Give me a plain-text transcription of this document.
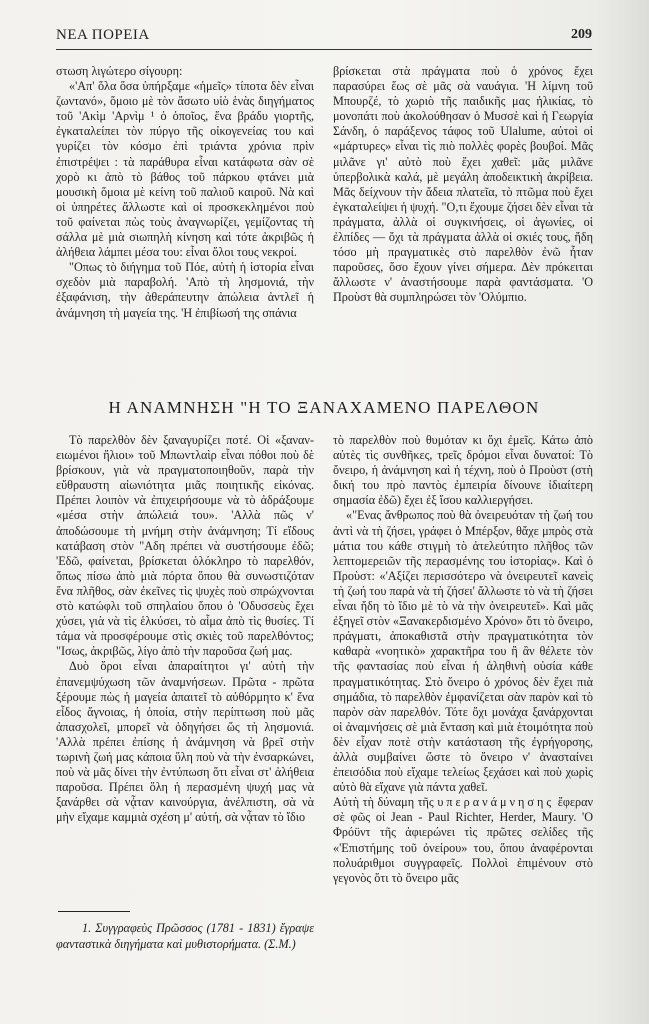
ΝΕΑ ΠΟΡΕΙΑ	209

στωση λιγώτερο σίγουρη:

«'Απ' ὅλα ὅσα ὑπήρξαμε «ἡμεῖς» τίποτα δὲν εἶναι ζωντανό», ὅμοιο μὲ τὸν ἄσωτο υἱὸ ἑνὰς διηγήματος τοῦ 'Ακὶμ 'Αρνὶμ ¹ ὁ ὁποῖος, ἕνα βράδυ γιορτῆς, ἐγκαταλείπει τὸν πύργο τῆς οἰκογενείας του καὶ γυρίζει τὸν κόσμο ἐπὶ τριάντα χρόνια πρὶν ἐπιστρέψει : τὰ παράθυρα εἶναι κατάφωτα σὰν σὲ χορὸ κι ἀπὸ τὸ βάθος τοῦ πάρκου φτάνει μιὰ μουσικὴ ὅμοια μὲ κείνη τοῦ παλιοῦ καιροῦ. Νὰ καὶ οἱ ὑπηρέτες ἄλλωστε καὶ οἱ προσκεκλημένοι ποὺ τοῦ φαίνεται πὼς τοὺς ἀναγνωρίζει, γεμίζοντας τὴ σάλλα μὲ μιὰ σιωπηλὴ κίνηση καὶ τότε ἀκριβῶς ἡ ἀλήθεια λάμπει μέσα του: εἶναι ὅλοι τους νεκροί.

"Οπως τὸ διήγημα τοῦ Πόε, αὐτὴ ἡ ἱστορία εἶναι σχεδὸν μιὰ παραβολή. 'Απὸ τὴ λησμονιά, τὴν ἐξαφάνιση, τὴν ἀθεράπευτην ἀπώλεια ἀντλεῖ ἡ ἀνάμνηση τὴ μαγεία της. 'Η ἐπιβίωσή της σπάνια

βρίσκεται στὰ πράγματα ποὺ ὁ χρόνος ἔχει παρασύρει ἕως σὲ μᾶς σὰ ναυάγια. 'Η λίμνη τοῦ Μπουρζέ, τὸ χωριὸ τῆς παιδικῆς μας ἡλικίας, τὸ μονοπάτι ποὺ ἀκολούθησαν ὁ Μυσσὲ καὶ ἡ Γεωργία Σάνδη, ὁ παράξενος τάφος τοῦ Ulalume, αὐτοὶ οἱ «μάρτυρες» εἶναι τὶς πιὸ πολλὲς φορὲς βουβοί. Μᾶς μιλᾶνε γι' αὐτὸ ποὺ ἔχει χαθεῖ: μᾶς μιλᾶνε ὑπερβολικὰ καλά, μὲ μεγάλη ἀποδεικτικὴ ἀκρίβεια. Μᾶς δείχνουν τὴν ἄδεια πλατεῖα, τὸ πτῶμα ποὺ ἔχει ἐγκαταλείψει ἡ ψυχή. "Ο,τι ἔχουμε ζήσει δὲν εἶναι τὰ πράγματα, ἀλλὰ οἱ συγκινήσεις, οἱ ἀγωνίες, οἱ ἐλπίδες — ὄχι τὰ πράγματα ἀλλὰ οἱ σκιές τους, ἤδη τόσο μὴ πραγματικὲς στὸ παρελθὸν ἐνῶ ἦταν παροῦσες, ὅσο ἔχουν γίνει σήμερα. Δὲν πρόκειται ἄλλωστε ν' ἀναστήσουμε παρὰ φαντάσματα. 'Ο Προὺστ θὰ συμπληρώσει τὸν 'Ολύμπιο.

Η ΑΝΑΜΝΗΣΗ "Η ΤΟ ΞΑΝΑΧΑΜΕΝΟ ΠΑΡΕΛΘΟΝ

Τὸ παρελθὸν δὲν ξαναγυρίζει ποτέ. Οἱ «ξανανειωμένοι ἥλιοι» τοῦ Μπωντλαὶρ εἶναι πόθοι ποὺ δὲ βρίσκουν, γιὰ νὰ πραγματοποιηθοῦν, παρὰ τὴν εὔθραυστη αἰωνιότητα μιᾶς ποιητικῆς εἰκόνας. Πρέπει λοιπὸν νὰ ἐπιχειρήσουμε νὰ τὸ ἀδράξουμε «μέσα στὴν ἀπώλειά του». 'Αλλὰ πῶς ν' ἀποδώσουμε τὴ μνήμη στὴν ἀνάμνηση; Τί εἴδους κατάβαση στὸν "Αδη πρέπει νὰ συστήσουμε ἐδῶ; 'Εδῶ, φαίνεται, βρίσκεται ὁλόκληρο τὸ παρελθόν, ὅπως πίσω ἀπὸ μιὰ πόρτα ὅπου θὰ συνωστιζόταν ἕνα πλῆθος, σὰν ἐκεῖνες τὶς ψυχὲς ποὺ σπρώχνονται στὸ κατώφλι τοῦ σπηλαίου ὅπου ὁ 'Οδυσσεὺς ἔχει χύσει, γιὰ νὰ τὶς ἑλκύσει, τὸ αἷμα ἀπὸ τὶς θυσίες. Τί τάμα νὰ προσφέρουμε στὶς σκιὲς τοῦ παρελθόντος; "Ισως, ἀκριβῶς, λίγο ἀπὸ τὴν παροῦσα ζωή μας.

Δυὸ ὅροι εἶναι ἀπαραίτητοι γι' αὐτὴ τὴν ἐπανεμψύχωση τῶν ἀναμνήσεων. Πρῶτα - πρῶτα ξέρουμε πὼς ἡ μαγεία ἀπαιτεῖ τὸ αὐθόρμητο κ' ἕνα εἶδος ἄγνοιας, ἡ ὁποία, στὴν περίπτωση ποὺ μᾶς ἀπασχολεῖ, μπορεῖ νὰ ὁδηγήσει ὥς τὴ λησμονιά. 'Αλλὰ πρέπει ἐπίσης ἡ ἀνάμνηση νὰ βρεῖ στὴν τωρινὴ ζωή μας κάποια ὕλη ποὺ νὰ τὴν ἐνσαρκώνει, ποὺ νὰ μᾶς δίνει τὴν ἐντύπωση ὅτι εἶναι στ' ἀλήθεια παροῦσα. Πρέπει ὅλη ἡ περασμένη ψυχή μας νὰ ξανάρθει σὰ νᾆταν καινούργια, ἀνέλπιστη, σὰ νὰ μὴν εἴχαμε καμμιὰ σχέση μ' αὐτή, σὰ νᾆταν τὸ ἴδιο

τὸ παρελθὸν ποὺ θυμόταν κι ὄχι ἐμεῖς. Κάτω ἀπὸ αὐτὲς τὶς συνθῆκες, τρεῖς δρόμοι εἶναι δυνατοί: Τὸ ὄνειρο, ἡ ἀνάμνηση καὶ ἡ τέχνη, ποὺ ὁ Προὺστ (στὴ δική του πρὸ παντὸς ἐμπειρία δίνουνε ἰδιαίτερη σημασία ἐδῶ) ἔχει ἐξ ἴσου καλλιεργήσει.

«"Ενας ἄνθρωπος ποὺ θὰ ὀνειρευόταν τὴ ζωή του ἀντὶ νὰ τὴ ζήσει, γράφει ὁ Μπέρξον, θἄχε μπρὸς στὰ μάτια του κάθε στιγμὴ τὸ ἀτελεύτητο πλῆθος τῶν λεπτομερειῶν τῆς περασμένης του ἱστορίας». Καὶ ὁ Προὺστ: «'Αξίζει περισσότερο νὰ ὀνειρευτεῖ κανεὶς τὴ ζωή του παρὰ νὰ τὴ ζήσει' ἄλλωστε τὸ νὰ τὴ ζήσει εἶναι ἤδη τὸ ἴδιο μὲ τὸ νὰ τὴν ὀνειρευτεῖ». Καὶ μᾶς ἐξηγεῖ στὸν «Ξανακερδισμένο Χρόνο» ὅτι τὸ ὄνειρο, πράγματι, ἀποκαθιστᾶ στὴν πραγματικότητα τὸν καθαρὰ «νοητικὸ» χαρακτῆρα του ἢ ἂν θέλετε τὸν τῆς φαντασίας ποὺ εἶναι ἡ ἀληθινὴ οὐσία κάθε πραγματικότητας. Στὸ ὄνειρο ὁ χρόνος δὲν ἔχει πιὰ σημάδια, τὸ παρελθὸν ἐμφανίζεται σὰν παρὸν καὶ τὸ παρὸν σὰν παρελθόν. Τότε ὄχι μονάχα ξανάρχονται οἱ ἀναμνήσεις σὲ μιὰ ἔνταση καὶ μιὰ ἑτοιμότητα ποὺ δὲν εἶχαν ποτὲ στὴν κατάσταση τῆς ἐγρήγορσης, ἀλλὰ συμβαίνει ὥστε τὸ ὄνειρο ν' ἀνασταίνει ἐπεισόδια ποὺ εἴχαμε τελείως ξεχάσει καὶ ποὺ χωρὶς αὐτὸ θὰ εἴχανε γιὰ πάντα χαθεῖ.

Αὐτὴ τὴ δύναμη τῆς υπερανάμνησης ἔφεραν σὲ φῶς οἱ Jean - Paul Richter, Herder, Maury. 'Ο Φρόϋντ τῆς ἀφιερώνει τὶς πρῶτες σελίδες τῆς «'Επιστήμης τοῦ ὀνείρου» του, ὅπου ἀναφέρονται πολυάριθμοι συγγραφεῖς. Πολλοὶ ἐπιμένουν στὸ γεγονὸς ὅτι τὸ ὄνειρο μᾶς

1. Συγγραφεὺς Πρῶσσος (1781 - 1831) ἔγραψε φανταστικὰ διηγήματα καὶ μυθιστορήματα. (Σ.Μ.)
